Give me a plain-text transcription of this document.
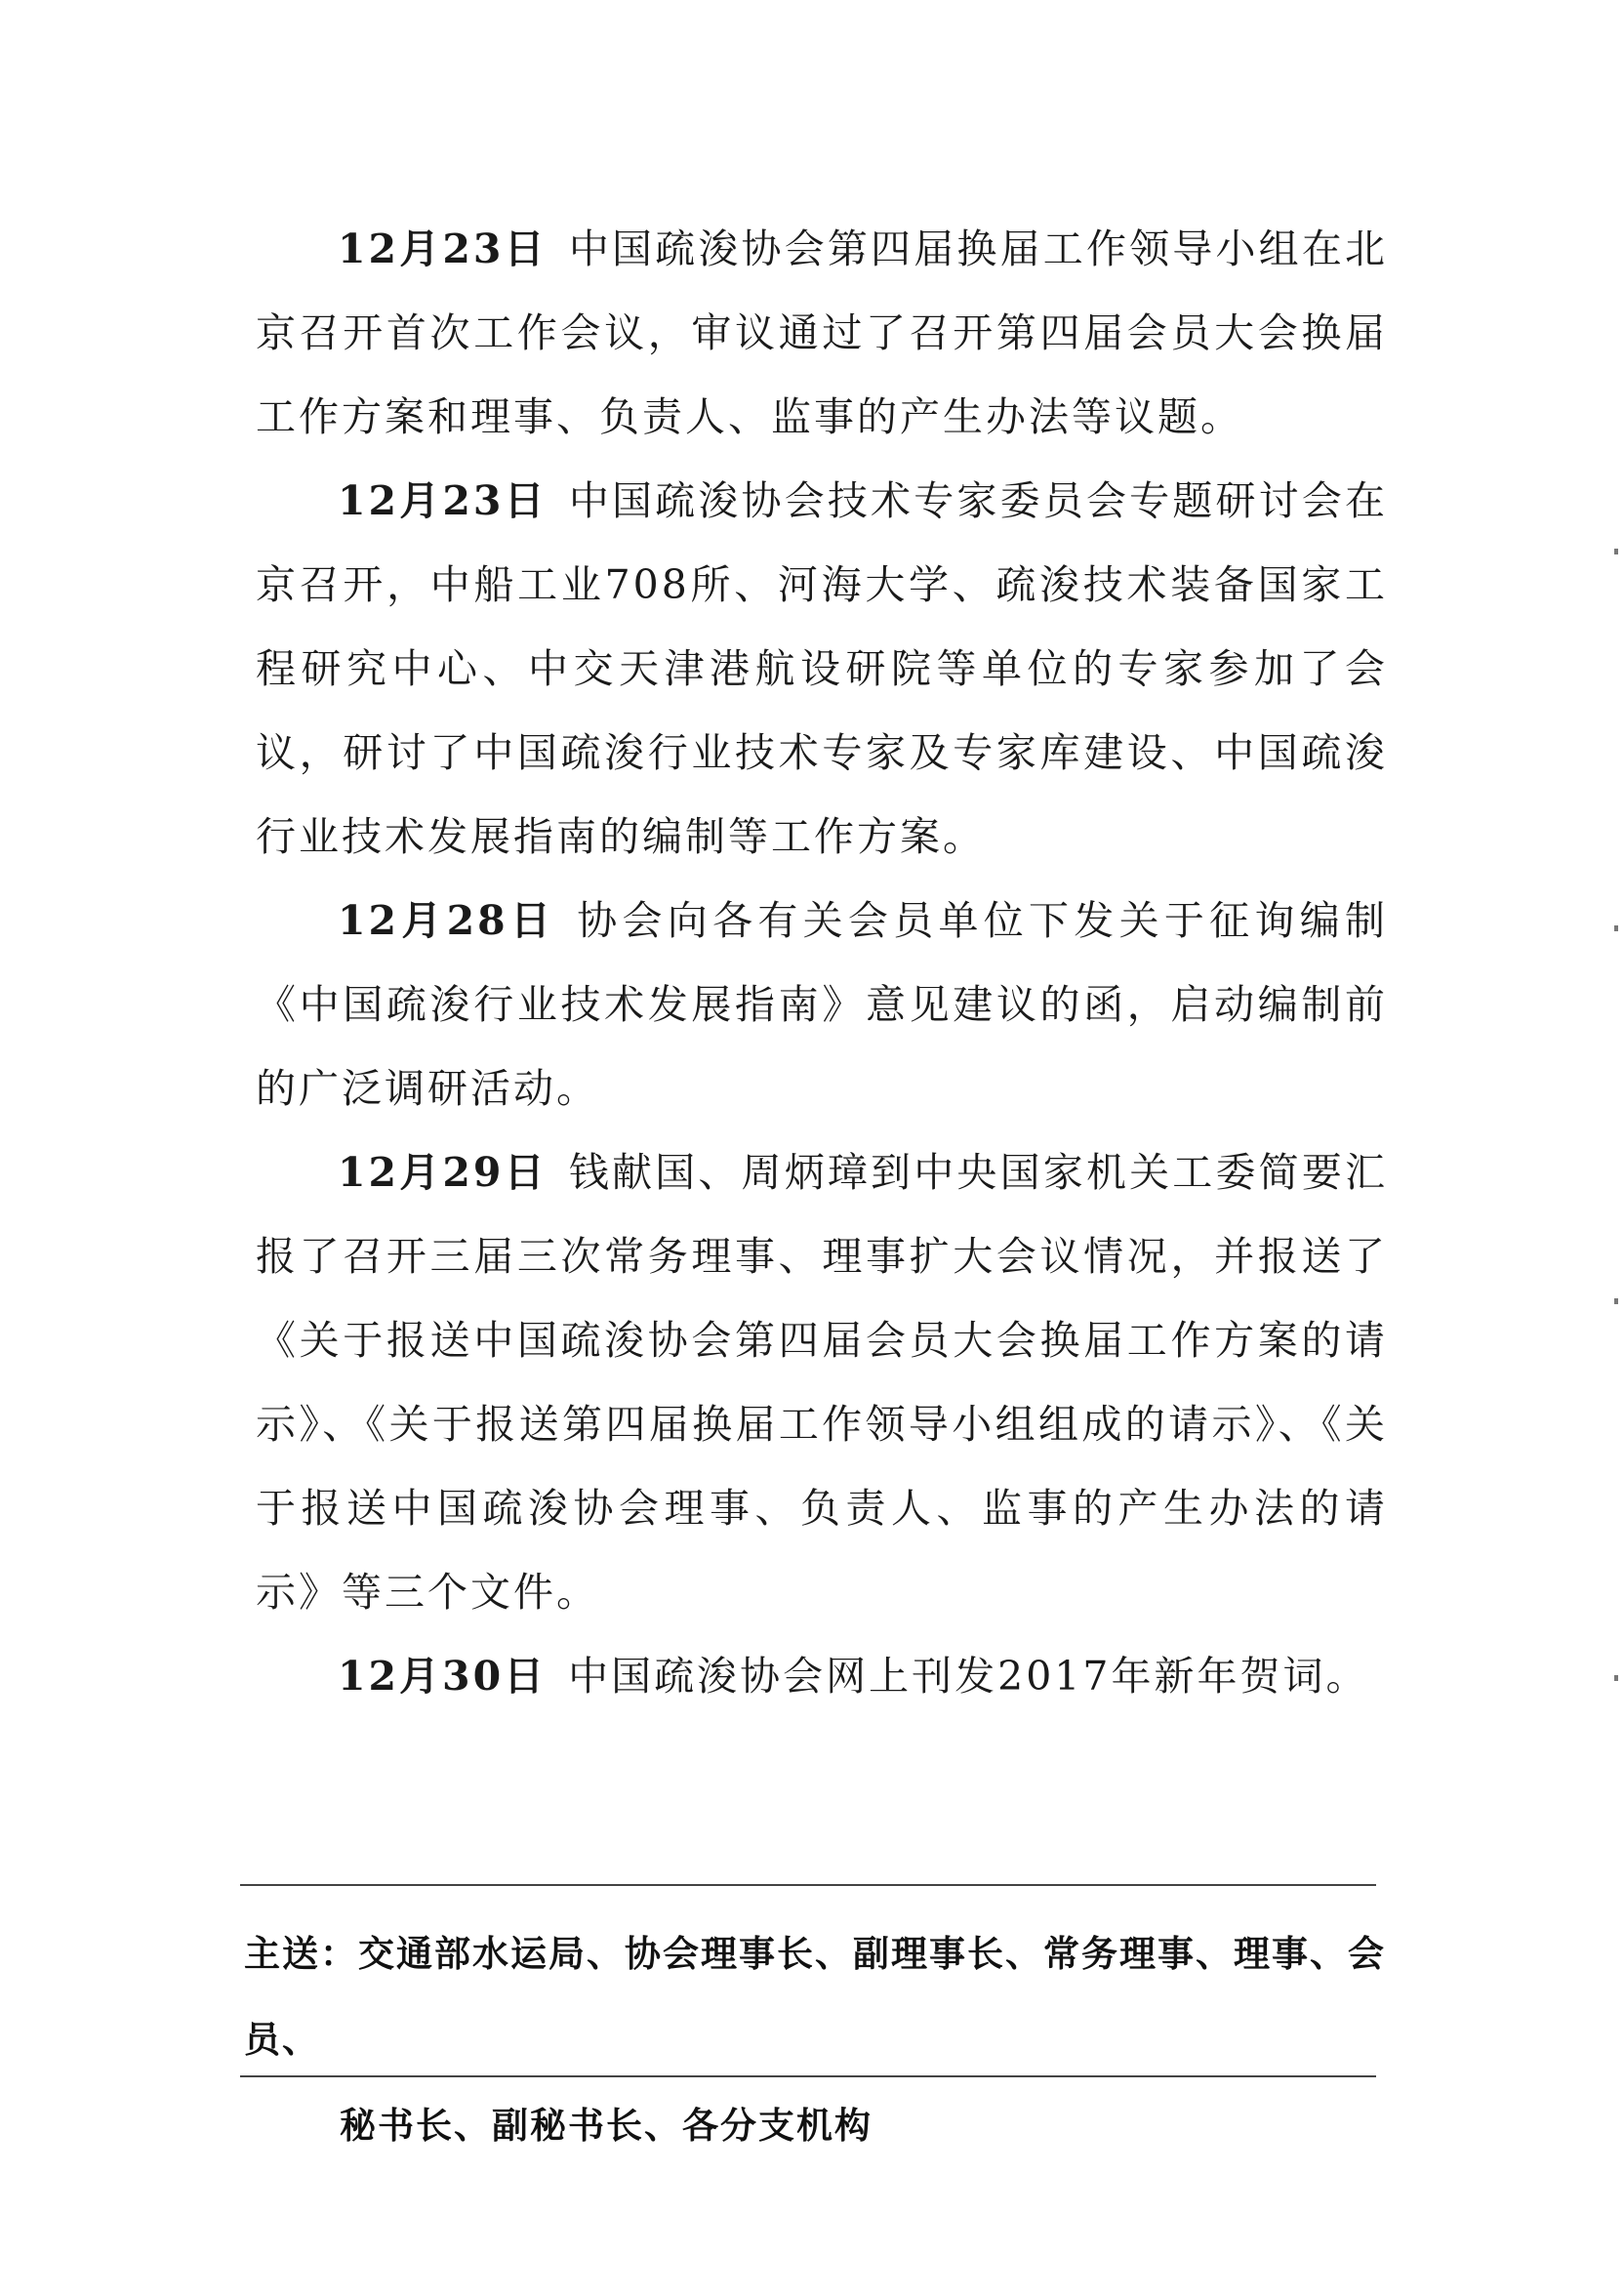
12月23日 中国疏浚协会第四届换届工作领导小组在北京召开首次工作会议，审议通过了召开第四届会员大会换届工作方案和理事、负责人、监事的产生办法等议题。

12月23日 中国疏浚协会技术专家委员会专题研讨会在京召开，中船工业708所、河海大学、疏浚技术装备国家工程研究中心、中交天津港航设研院等单位的专家参加了会议，研讨了中国疏浚行业技术专家及专家库建设、中国疏浚行业技术发展指南的编制等工作方案。

12月28日 协会向各有关会员单位下发关于征询编制《中国疏浚行业技术发展指南》意见建议的函，启动编制前的广泛调研活动。

12月29日 钱献国、周炳璋到中央国家机关工委简要汇报了召开三届三次常务理事、理事扩大会议情况，并报送了《关于报送中国疏浚协会第四届会员大会换届工作方案的请示》、《关于报送第四届换届工作领导小组组成的请示》、《关于报送中国疏浚协会理事、负责人、监事的产生办法的请示》等三个文件。

12月30日 中国疏浚协会网上刊发2017年新年贺词。

主送：交通部水运局、协会理事长、副理事长、常务理事、理事、会员、
秘书长、副秘书长、各分支机构
